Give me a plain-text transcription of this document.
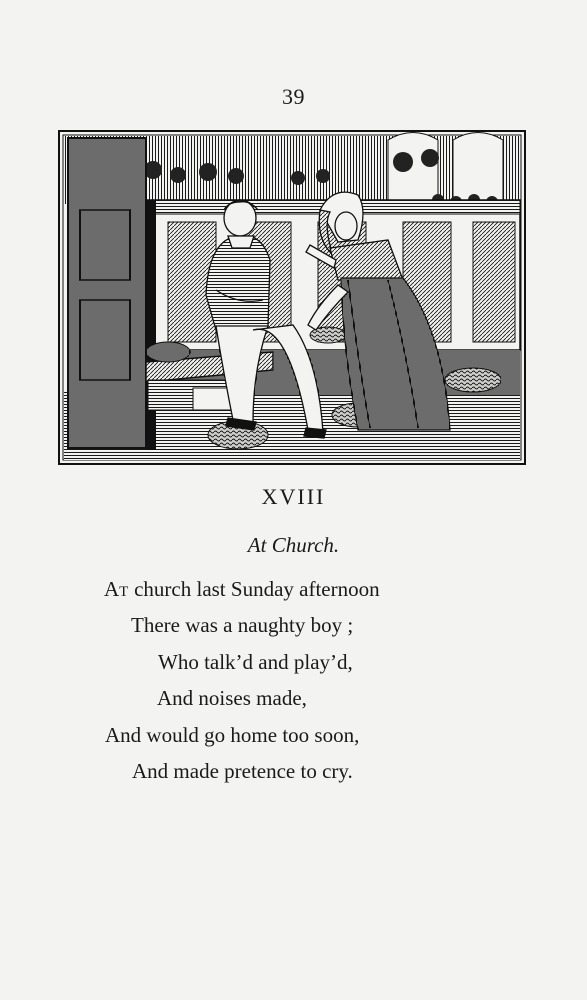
39
XVIII
At Church.
AT church last Sunday afternoon
There was a naughty boy ;
Who talk’d and play’d,
And noises made,
And would go home too soon,
And made pretence to cry.
